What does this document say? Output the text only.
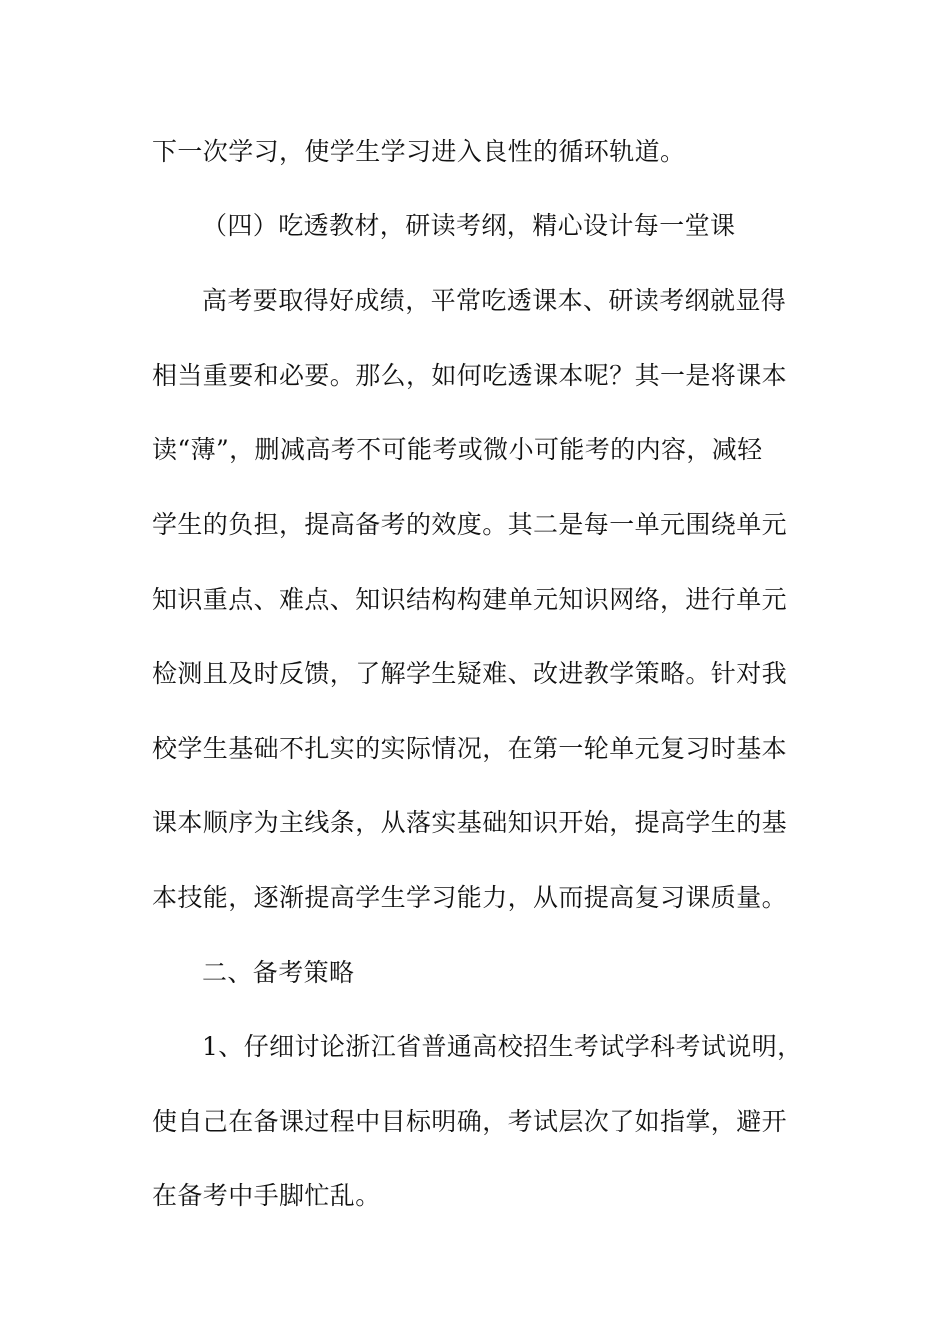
下一次学习，使学生学习进入良性的循环轨道。
（四）吃透教材，研读考纲，精心设计每一堂课
高考要取得好成绩，平常吃透课本、研读考纲就显得
相当重要和必要。那么，如何吃透课本呢？其一是将课本
读“薄”，删减高考不可能考或微小可能考的内容，减轻
学生的负担，提高备考的效度。其二是每一单元围绕单元
知识重点、难点、知识结构构建单元知识网络，进行单元
检测且及时反馈，了解学生疑难、改进教学策略。针对我
校学生基础不扎实的实际情况，在第一轮单元复习时基本
课本顺序为主线条，从落实基础知识开始，提高学生的基
本技能，逐渐提高学生学习能力，从而提高复习课质量。
二、备考策略
1、仔细讨论浙江省普通高校招生考试学科考试说明，
使自己在备课过程中目标明确，考试层次了如指掌，避开
在备考中手脚忙乱。
